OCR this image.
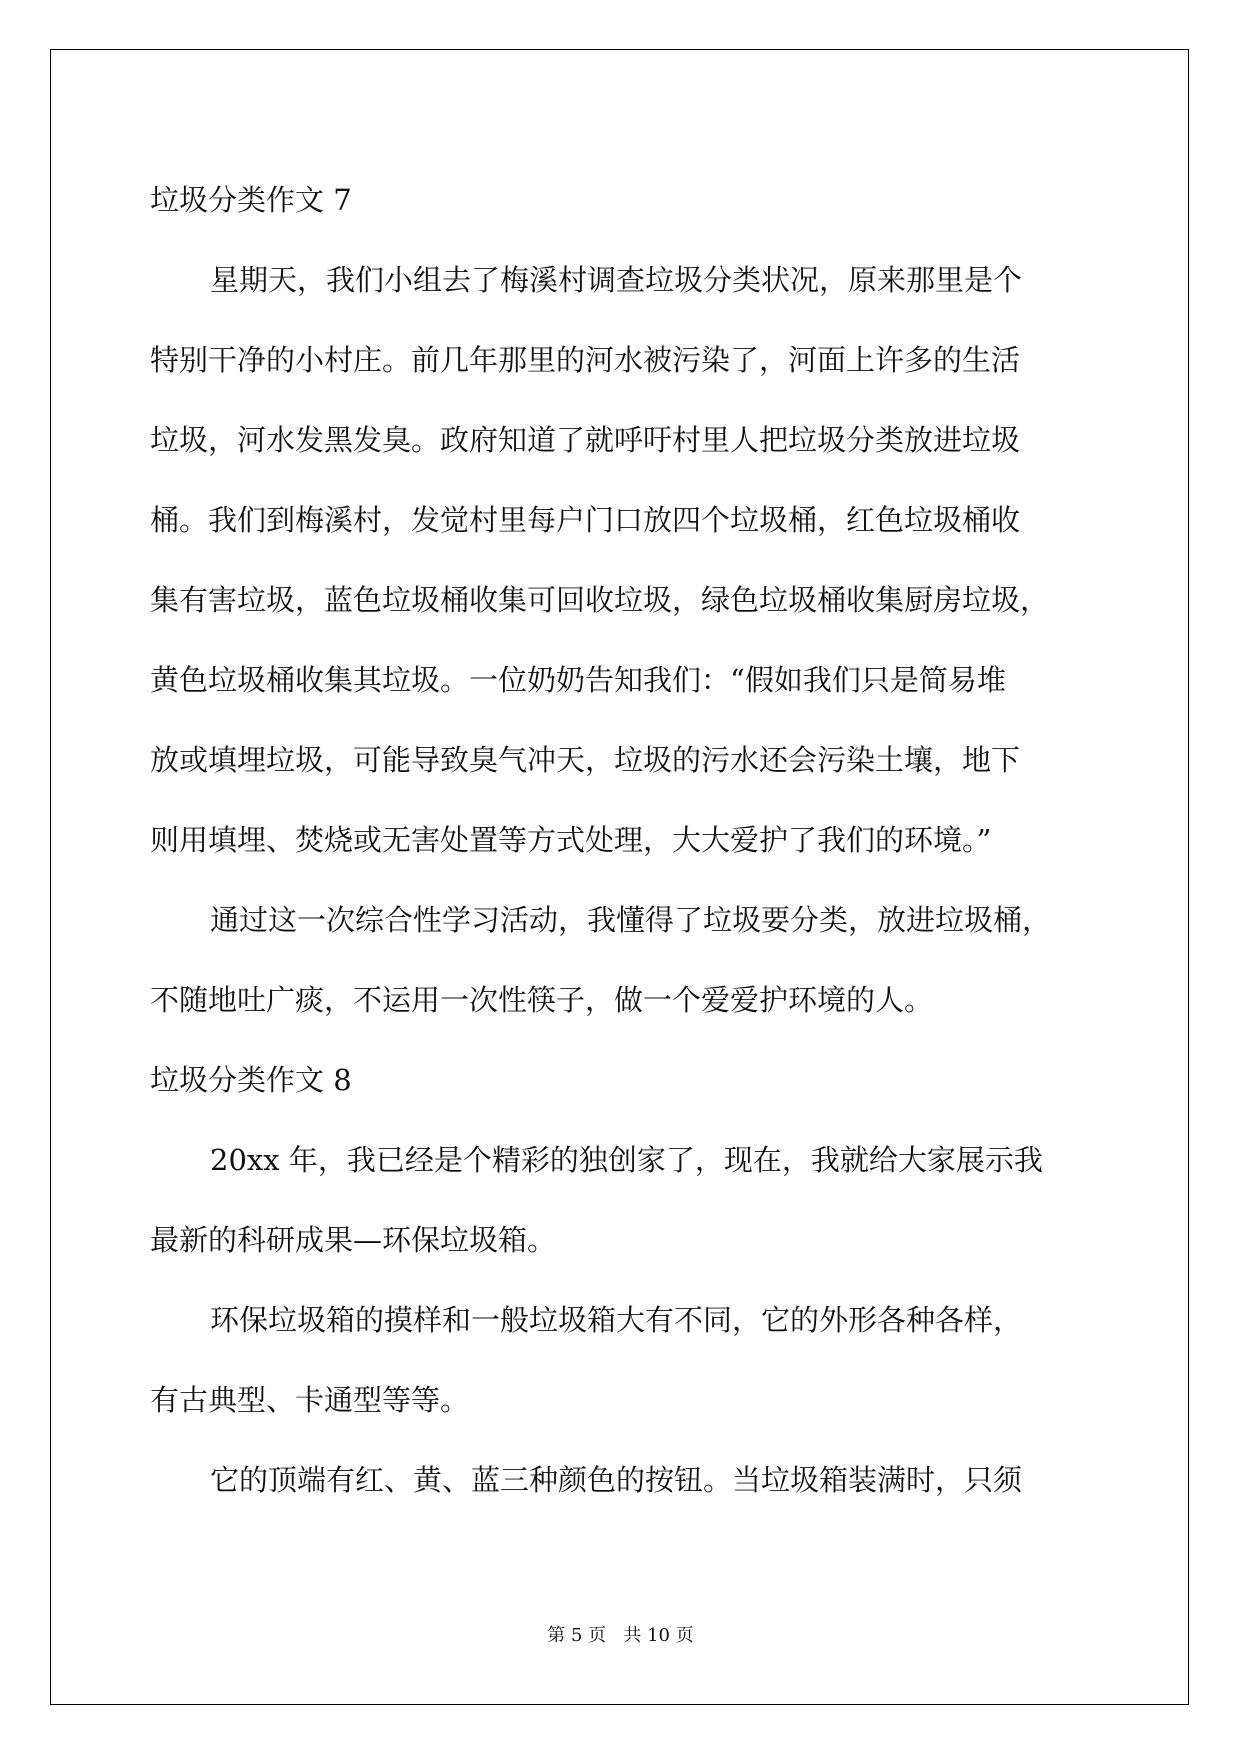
垃圾分类作文 7
星期天，我们小组去了梅溪村调查垃圾分类状况，原来那里是个
特别干净的小村庄。前几年那里的河水被污染了，河面上许多的生活
垃圾，河水发黑发臭。政府知道了就呼吁村里人把垃圾分类放进垃圾
桶。我们到梅溪村，发觉村里每户门口放四个垃圾桶，红色垃圾桶收
集有害垃圾，蓝色垃圾桶收集可回收垃圾，绿色垃圾桶收集厨房垃圾，
黄色垃圾桶收集其垃圾。一位奶奶告知我们：“假如我们只是简易堆
放或填埋垃圾，可能导致臭气冲天，垃圾的污水还会污染土壤，地下
则用填埋、焚烧或无害处置等方式处理，大大爱护了我们的环境。”
通过这一次综合性学习活动，我懂得了垃圾要分类，放进垃圾桶，
不随地吐广痰，不运用一次性筷子，做一个爱爱护环境的人。
垃圾分类作文 8
20xx 年，我已经是个精彩的独创家了，现在，我就给大家展示我
最新的科研成果—环保垃圾箱。
环保垃圾箱的摸样和一般垃圾箱大有不同，它的外形各种各样，
有古典型、卡通型等等。
它的顶端有红、黄、蓝三种颜色的按钮。当垃圾箱装满时，只须
第 5 页 共 10 页
